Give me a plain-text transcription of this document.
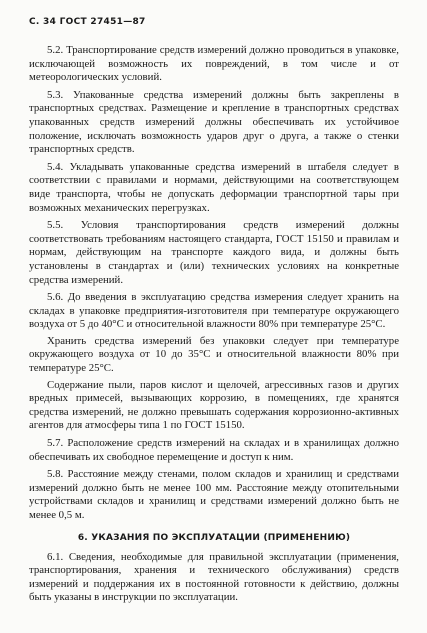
С. 34 ГОСТ 27451—87

5.2. Транспортирование средств измерений должно проводиться в упаковке, исключающей возможность их повреждений, в том числе и от метеорологических условий.

5.3. Упакованные средства измерений должны быть закреплены в транспортных средствах. Размещение и крепление в транспортных средствах упакованных средств измерений должны обеспечивать их устойчивое положение, исключать возможность ударов друг о друга, а также о стенки транспортных средств.

5.4. Укладывать упакованные средства измерений в штабеля следует в соответствии с правилами и нормами, действующими на соответствующем виде транспорта, чтобы не допускать деформации транспортной тары при возможных механических перегрузках.

5.5. Условия транспортирования средств измерений должны соответствовать требованиям настоящего стандарта, ГОСТ 15150 и правилам и нормам, действующим на транспорте каждого вида, и должны быть установлены в стандартах и (или) технических условиях на конкретные средства измерений.

5.6. До введения в эксплуатацию средства измерения следует хранить на складах в упаковке предприятия-изготовителя при температуре окружающего воздуха от 5 до 40°С и относительной влажности 80% при температуре 25°С.

Хранить средства измерений без упаковки следует при температуре окружающего воздуха от 10 до 35°С и относительной влажности 80% при температуре 25°С.

Содержание пыли, паров кислот и щелочей, агрессивных газов и других вредных примесей, вызывающих коррозию, в помещениях, где хранятся средства измерений, не должно превышать содержания коррозионно-активных агентов для атмосферы типа 1 по ГОСТ 15150.

5.7. Расположение средств измерений на складах и в хранилищах должно обеспечивать их свободное перемещение и доступ к ним.

5.8. Расстояние между стенами, полом складов и хранилищ и средствами измерений должно быть не менее 100 мм. Расстояние между отопительными устройствами складов и хранилищ и средствами измерений должно быть не менее 0,5 м.

6. УКАЗАНИЯ ПО ЭКСПЛУАТАЦИИ (ПРИМЕНЕНИЮ)

6.1. Сведения, необходимые для правильной эксплуатации (применения, транспортирования, хранения и технического обслуживания) средств измерений и поддержания их в постоянной готовности к действию, должны быть указаны в инструкции по эксплуатации.
